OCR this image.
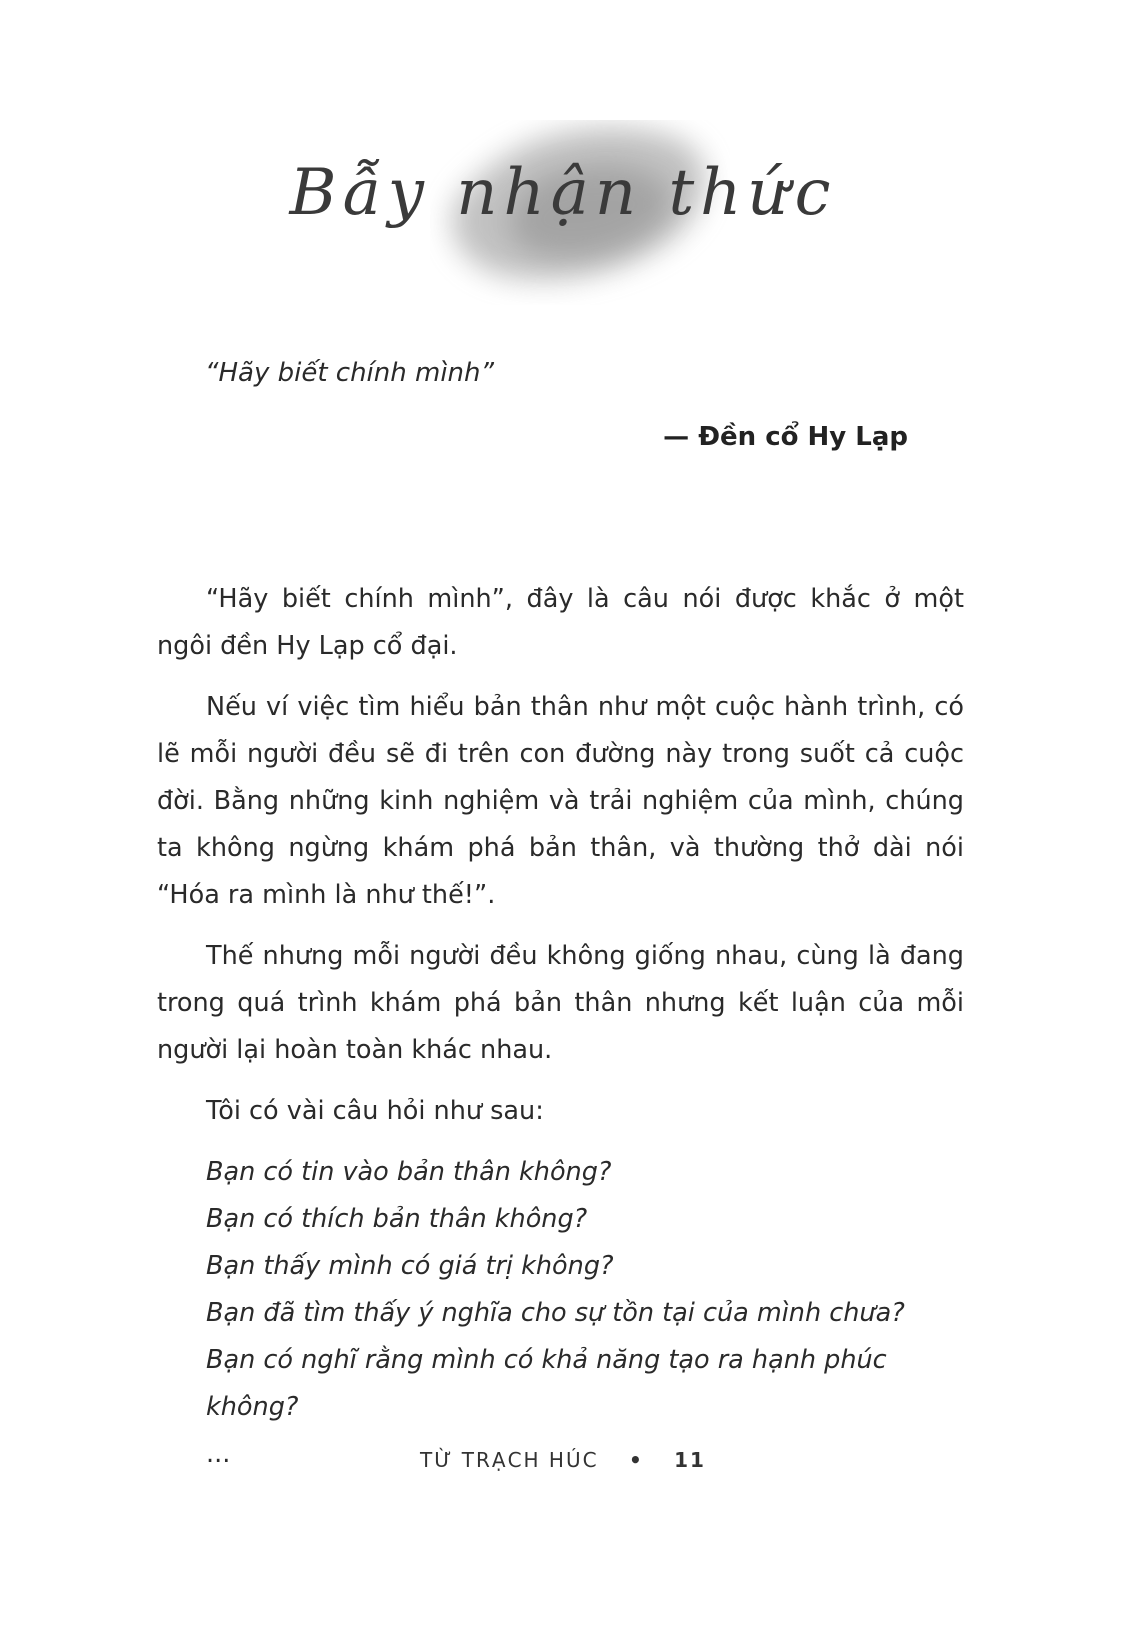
Bẫy nhận thức

“Hãy biết chính mình”

— Đền cổ Hy Lạp

“Hãy biết chính mình”, đây là câu nói được khắc ở một ngôi đền Hy Lạp cổ đại.

Nếu ví việc tìm hiểu bản thân như một cuộc hành trình, có lẽ mỗi người đều sẽ đi trên con đường này trong suốt cả cuộc đời. Bằng những kinh nghiệm và trải nghiệm của mình, chúng ta không ngừng khám phá bản thân, và thường thở dài nói “Hóa ra mình là như thế!”.

Thế nhưng mỗi người đều không giống nhau, cùng là đang trong quá trình khám phá bản thân nhưng kết luận của mỗi người lại hoàn toàn khác nhau.

Tôi có vài câu hỏi như sau:

Bạn có tin vào bản thân không?
Bạn có thích bản thân không?
Bạn thấy mình có giá trị không?
Bạn đã tìm thấy ý nghĩa cho sự tồn tại của mình chưa?
Bạn có nghĩ rằng mình có khả năng tạo ra hạnh phúc không?
...	TỪ TRẠCH HÚC • 11
